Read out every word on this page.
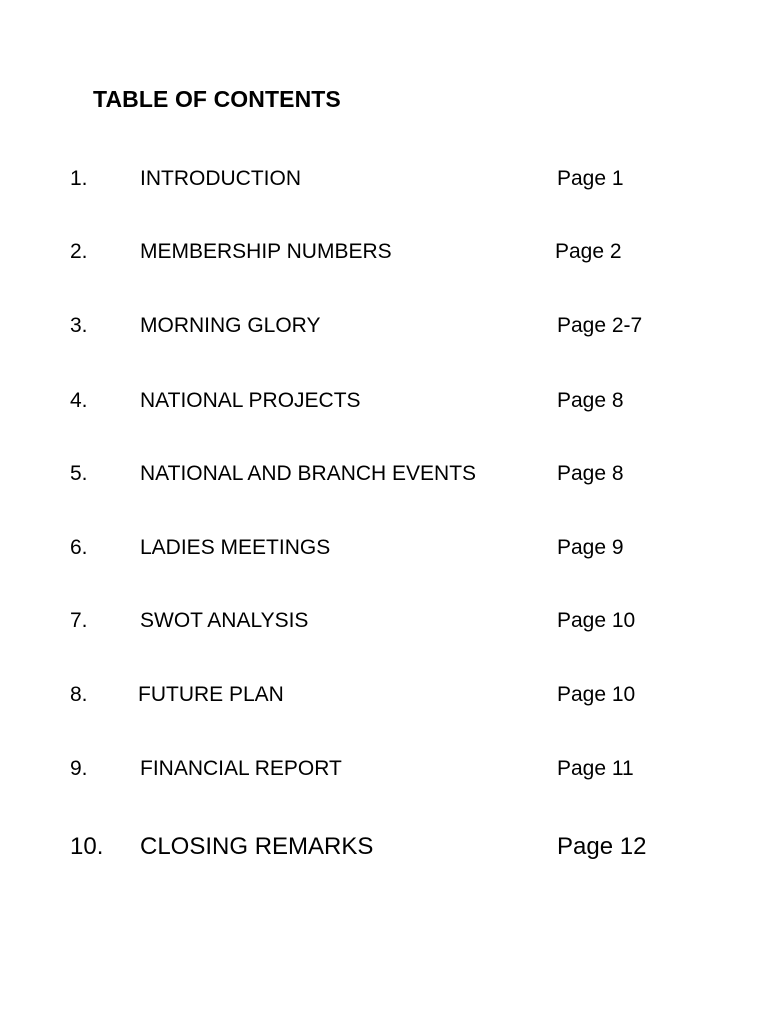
TABLE OF CONTENTS
1. INTRODUCTION	Page 1
2. MEMBERSHIP NUMBERS	Page 2
3. MORNING GLORY	Page 2-7
4. NATIONAL PROJECTS	Page 8
5. NATIONAL AND BRANCH EVENTS	Page 8
6. LADIES MEETINGS	Page 9
7. SWOT ANALYSIS	Page 10
8. FUTURE PLAN	Page 10
9. FINANCIAL REPORT	Page 11
10. CLOSING REMARKS	Page 12
